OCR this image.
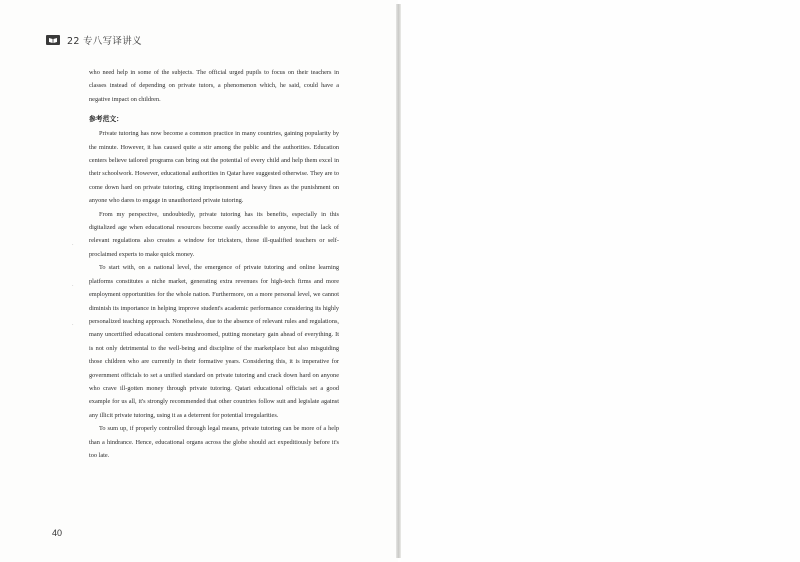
22 专八写译讲义

who need help in some of the subjects. The official urged pupils to focus on their teachers in classes instead of depending on private tutors, a phenomenon which, he said, could have a negative impact on children.

参考范文：

Private tutoring has now become a common practice in many countries, gaining popularity by the minute. However, it has caused quite a stir among the public and the authorities. Education centers believe tailored programs can bring out the potential of every child and help them excel in their schoolwork. However, educational authorities in Qatar have suggested otherwise. They are to come down hard on private tutoring, citing imprisonment and heavy fines as the punishment on anyone who dares to engage in unauthorized private tutoring.

From my perspective, undoubtedly, private tutoring has its benefits, especially in this digitalized age when educational resources become easily accessible to anyone, but the lack of relevant regulations also creates a window for tricksters, those ill-qualified teachers or self-proclaimed experts to make quick money.

To start with, on a national level, the emergence of private tutoring and online learning platforms constitutes a niche market, generating extra revenues for high-tech firms and more employment opportunities for the whole nation. Furthermore, on a more personal level, we cannot diminish its importance in helping improve student's academic performance considering its highly personalized teaching approach. Nonetheless, due to the absence of relevant rules and regulations, many uncertified educational centers mushroomed, putting monetary gain ahead of everything. It is not only detrimental to the well-being and discipline of the marketplace but also misguiding those children who are currently in their formative years. Considering this, it is imperative for government officials to set a unified standard on private tutoring and crack down hard on anyone who crave ill-gotten money through private tutoring. Qatari educational officials set a good example for us all, it's strongly recommended that other countries follow suit and legislate against any illicit private tutoring, using it as a deterrent for potential irregularities.

To sum up, if properly controlled through legal means, private tutoring can be more of a help than a hindrance. Hence, educational organs across the globe should act expeditiously before it's too late.

·
·
·
40
